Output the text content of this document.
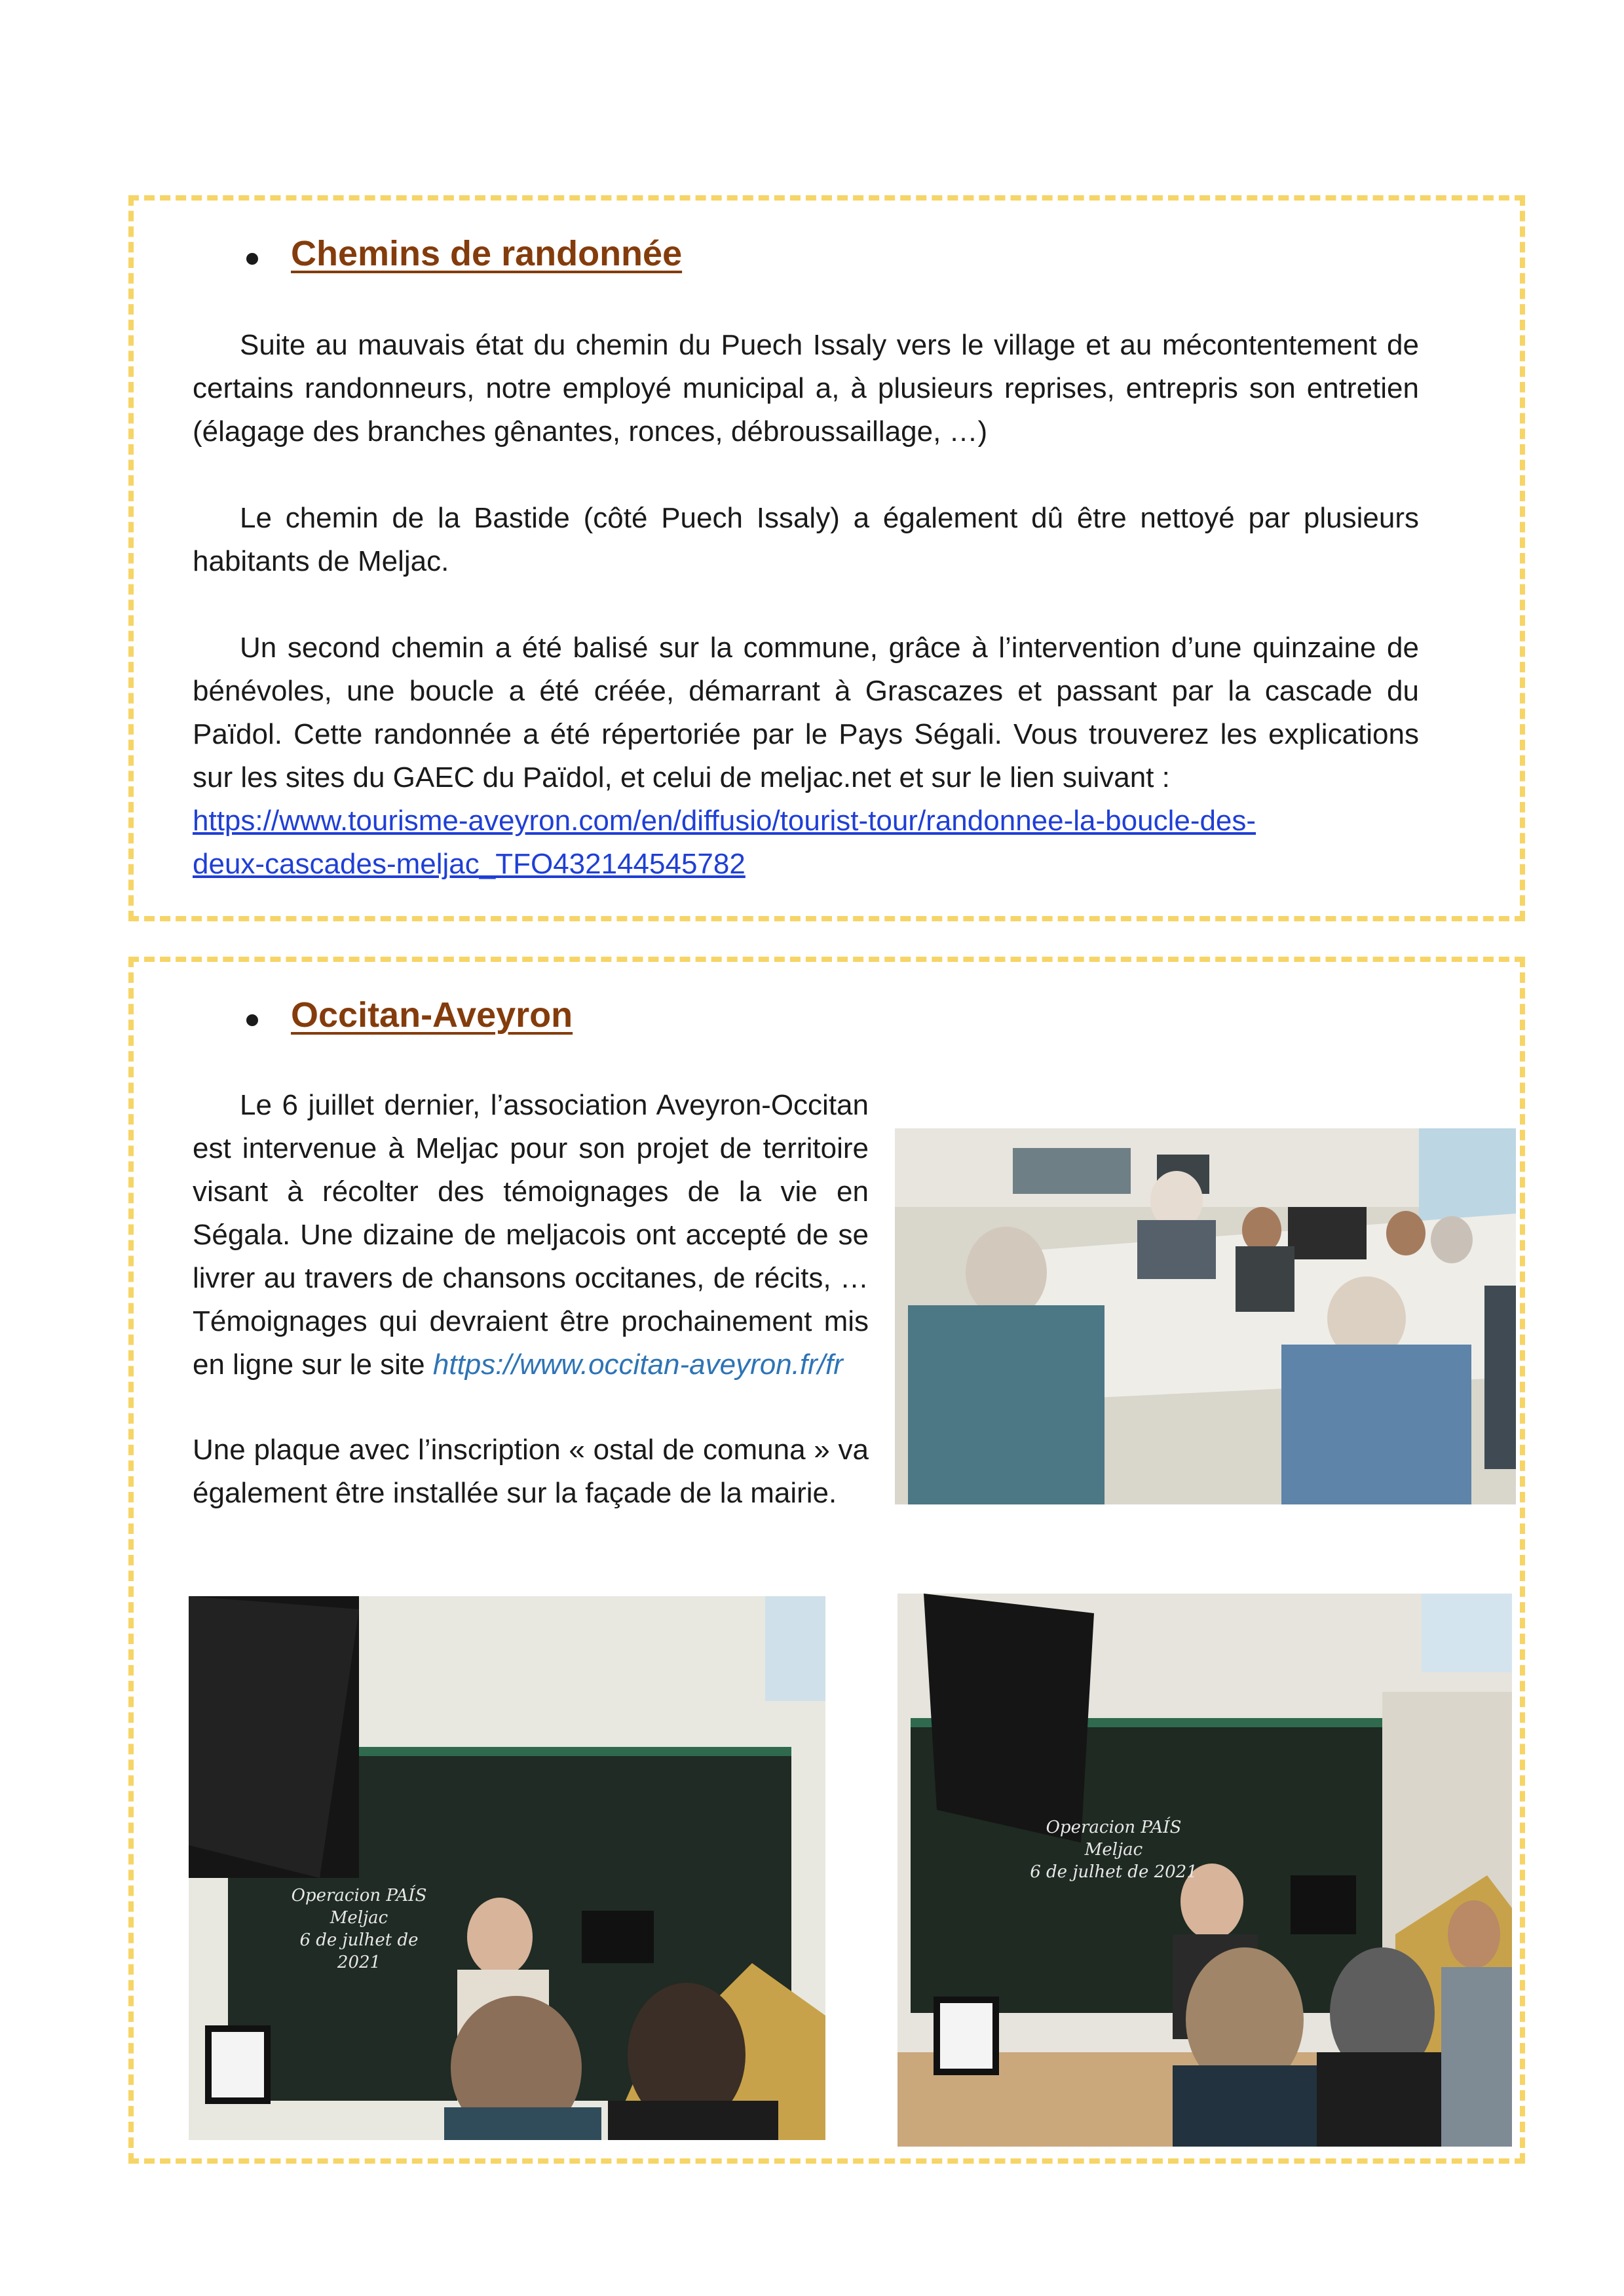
Chemins de randonnée

Suite au mauvais état du chemin du Puech Issaly vers le village et au mécontentement de certains randonneurs, notre employé municipal a, à plusieurs reprises, entrepris son entretien (élagage des branches gênantes, ronces, débroussaillage, …)

Le chemin de la Bastide (côté Puech Issaly) a également dû être nettoyé par plusieurs habitants de Meljac.

Un second chemin a été balisé sur la commune, grâce à l’intervention d’une quinzaine de bénévoles, une boucle a été créée, démarrant à Grascazes et passant par la cascade du Païdol. Cette randonnée a été répertoriée par le Pays Ségali. Vous trouverez les explications sur les sites du GAEC du Païdol, et celui de meljac.net et sur le lien suivant :

https://www.tourisme-aveyron.com/en/diffusio/tourist-tour/randonnee-la-boucle-des-
deux-cascades-meljac_TFO432144545782
Occitan-Aveyron
Le 6 juillet dernier, l’association Aveyron-Occitan est intervenue à Meljac pour son projet de territoire visant à récolter des témoignages de la vie en Ségala. Une dizaine de meljacois ont accepté de se livrer au travers de chansons occitanes, de récits, … Témoignages qui devraient être prochainement mis en ligne sur le site https://www.occitan-aveyron.fr/fr
Une plaque avec l’inscription « ostal de comuna » va également être installée sur la façade de la mairie.
Operacion PAÍS
Meljac
6 de julhet de 2021
Operacion PAÍS
Meljac
6 de julhet de 2021
